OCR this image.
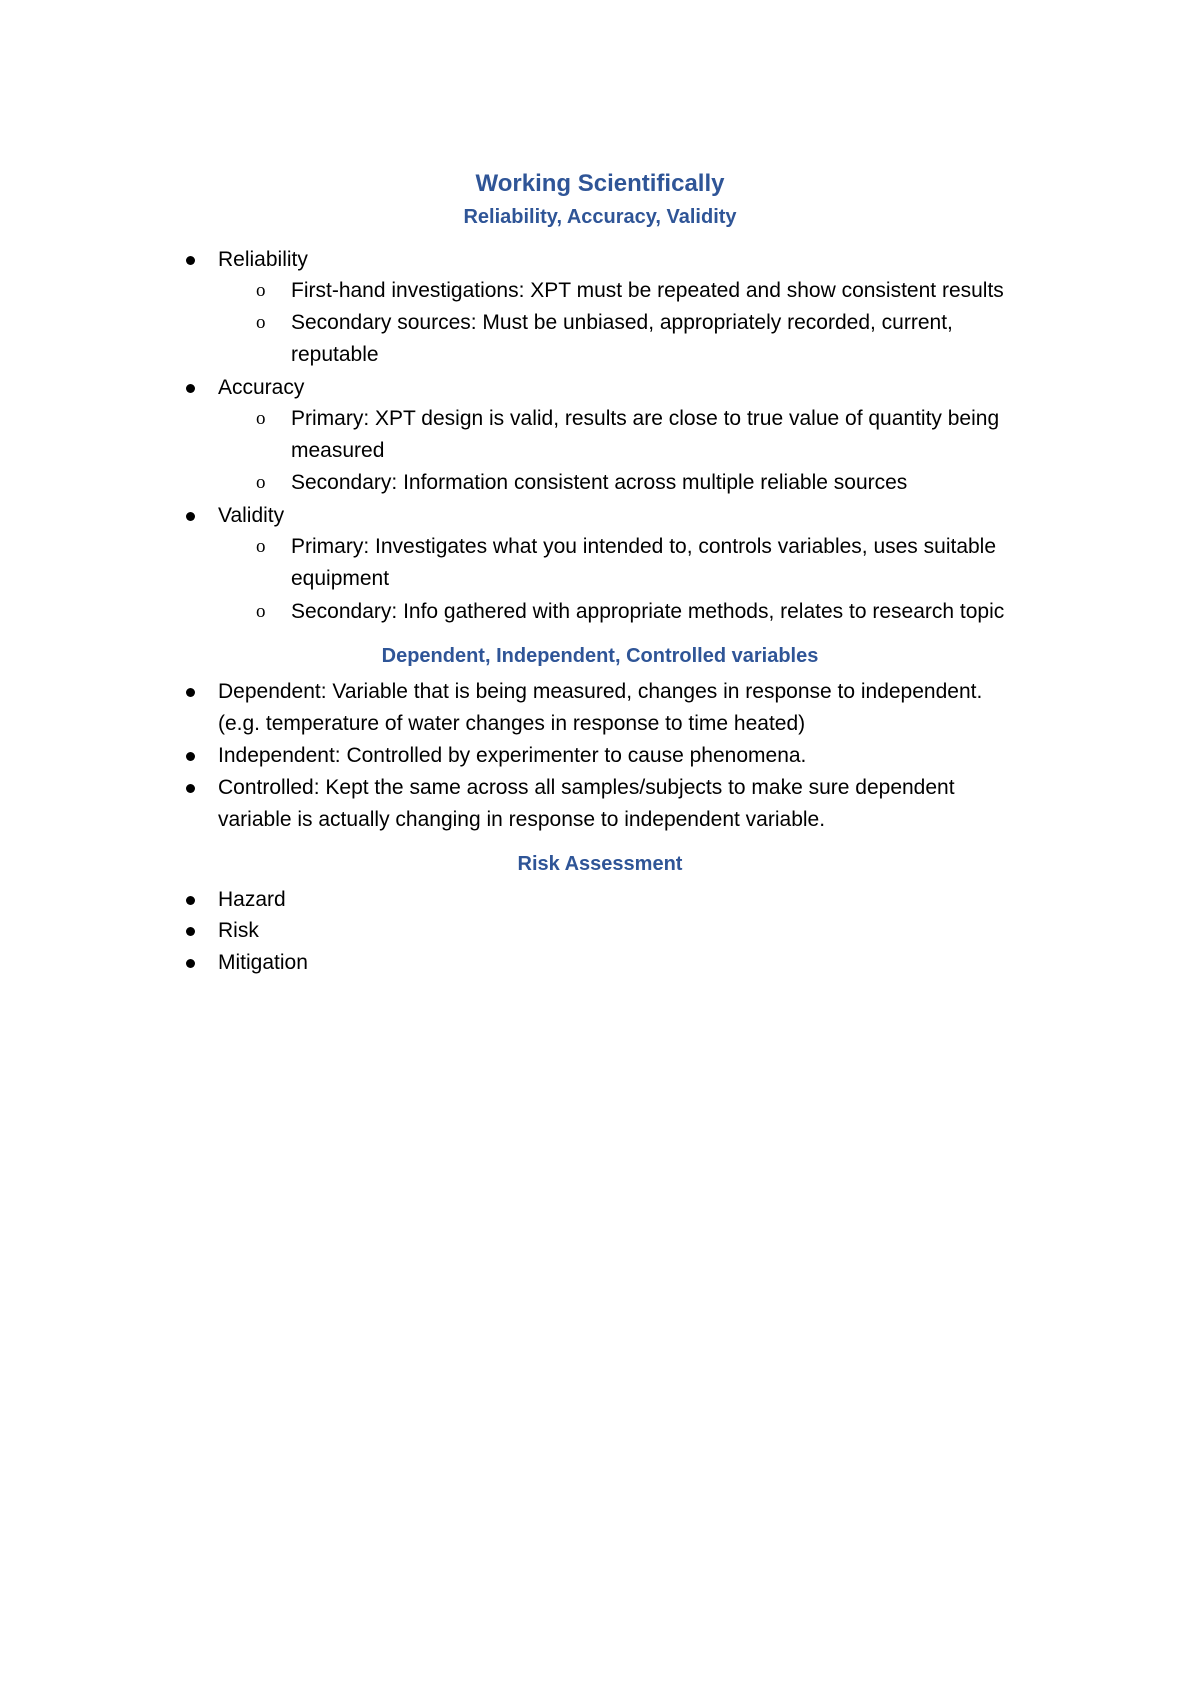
Working Scientifically
Reliability, Accuracy, Validity
Reliability
o First-hand investigations: XPT must be repeated and show consistent results
o Secondary sources: Must be unbiased, appropriately recorded, current,
reputable
Accuracy
o Primary: XPT design is valid, results are close to true value of quantity being
measured
o Secondary: Information consistent across multiple reliable sources
Validity
o Primary: Investigates what you intended to, controls variables, uses suitable
equipment
o Secondary: Info gathered with appropriate methods, relates to research topic
Dependent, Independent, Controlled variables
Dependent: Variable that is being measured, changes in response to independent.
(e.g. temperature of water changes in response to time heated)
Independent: Controlled by experimenter to cause phenomena.
Controlled: Kept the same across all samples/subjects to make sure dependent
variable is actually changing in response to independent variable.
Risk Assessment
Hazard
Risk
Mitigation
